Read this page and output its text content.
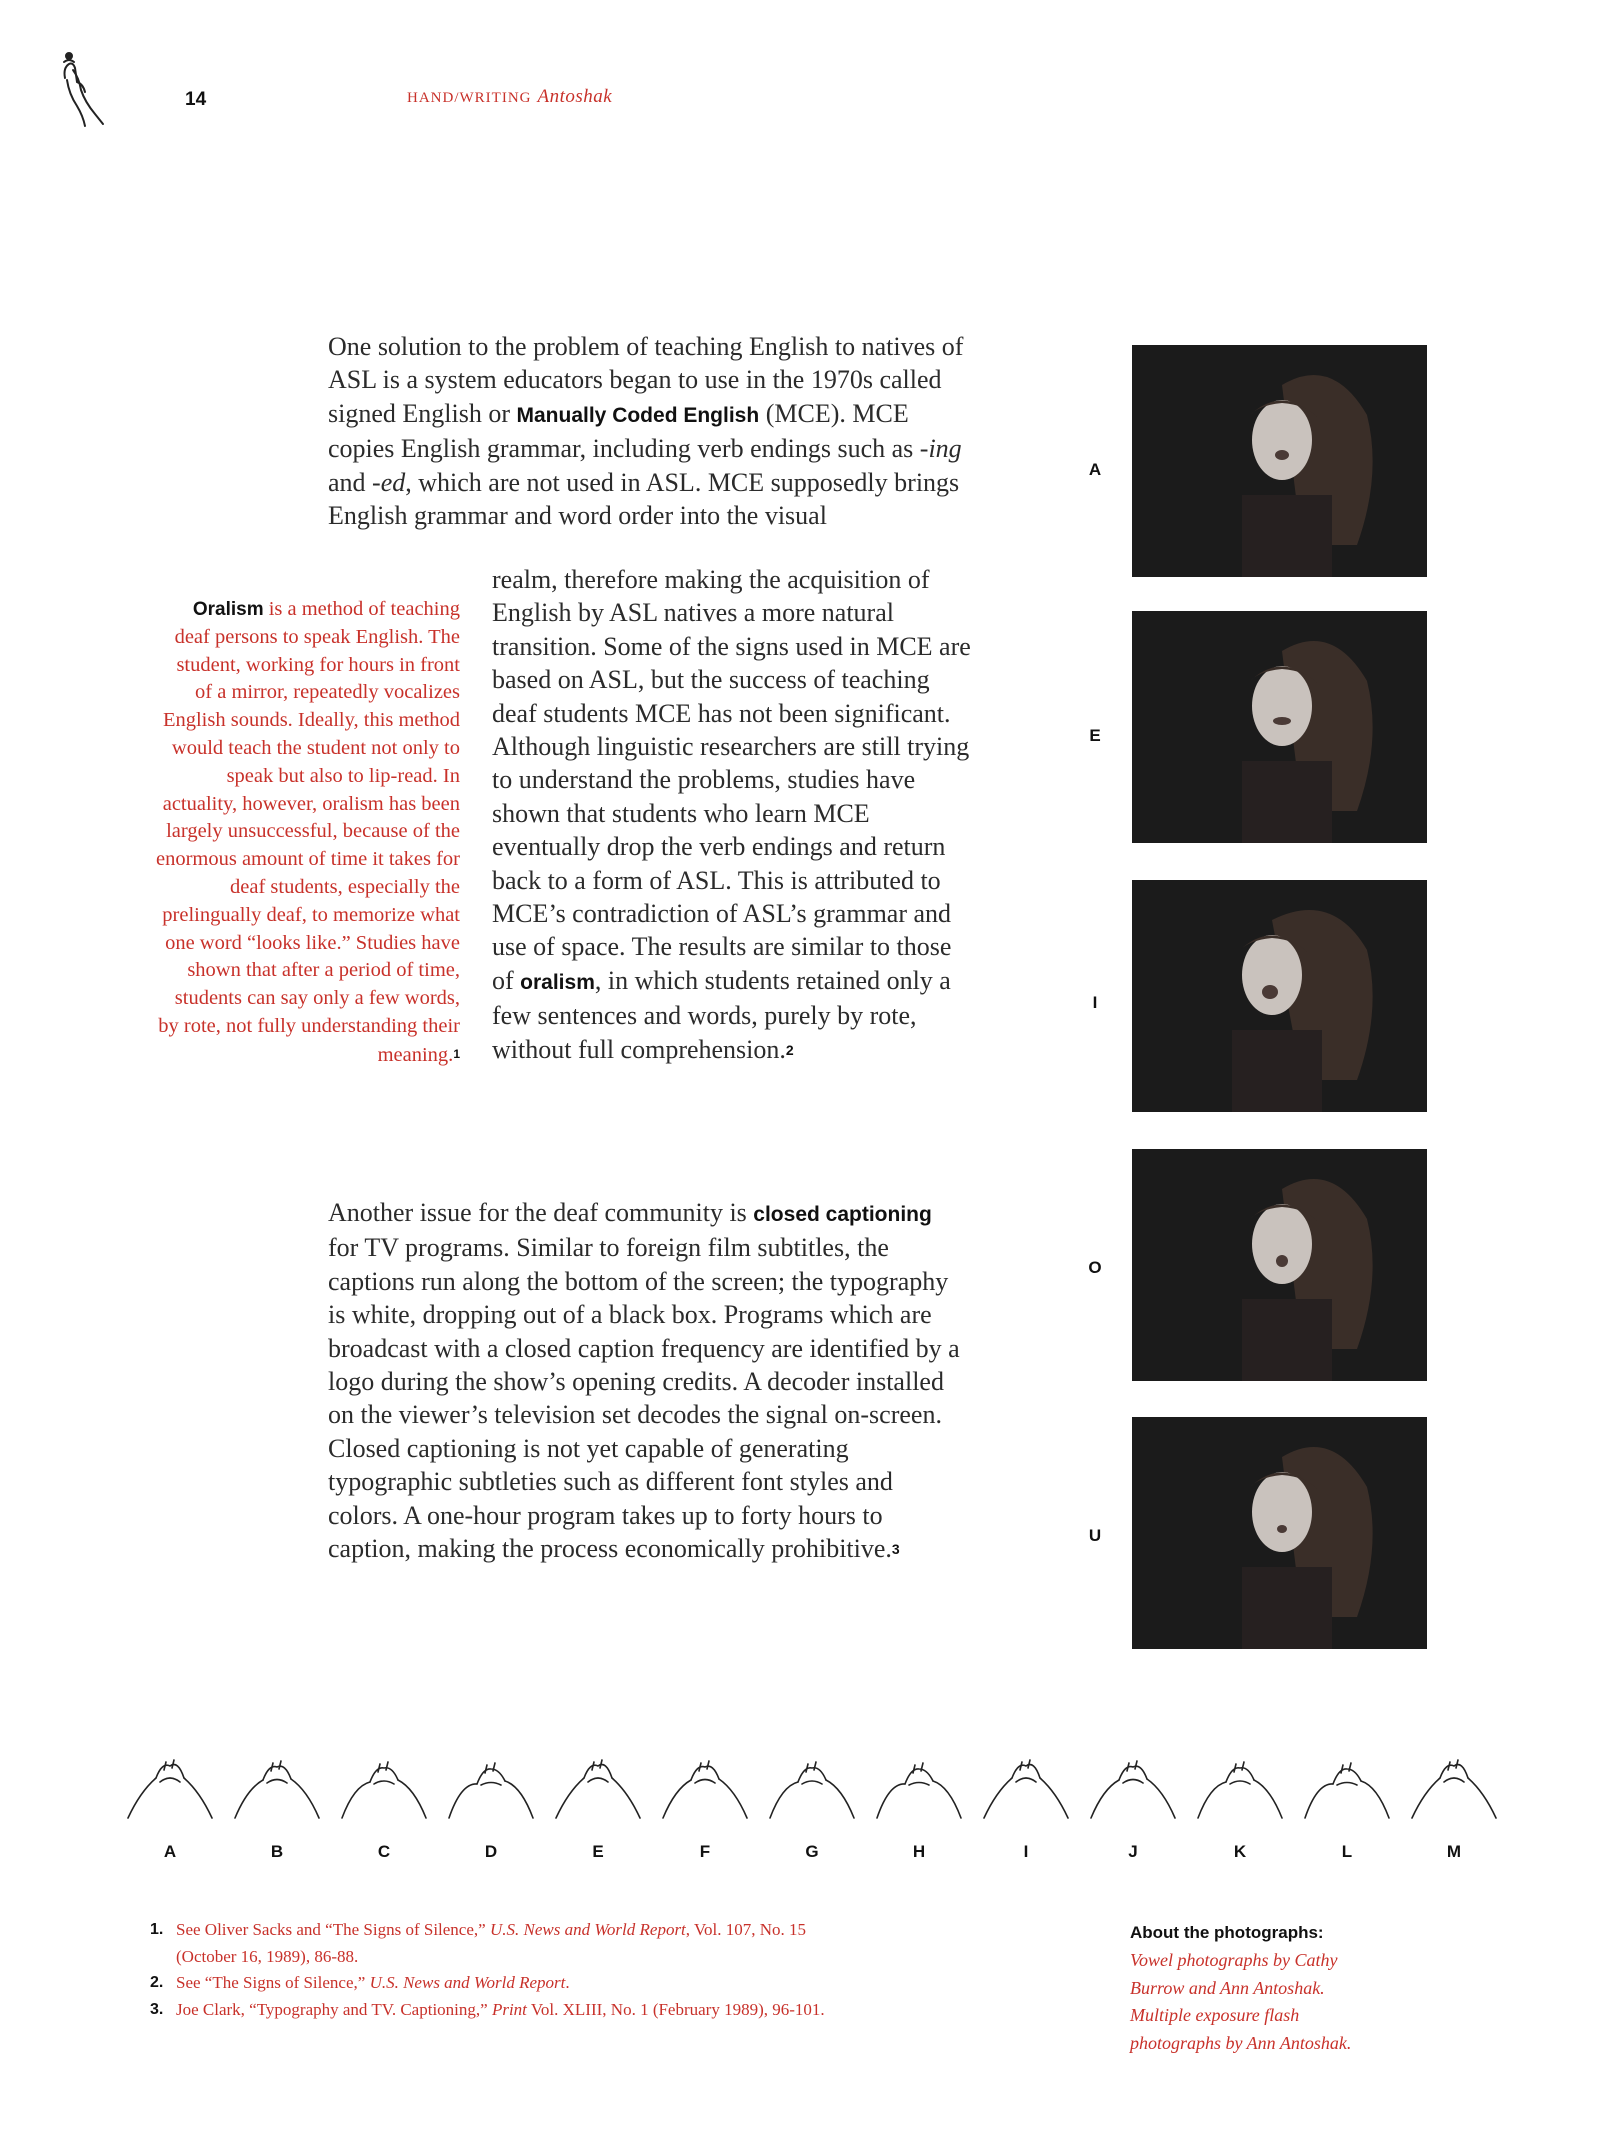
14	HAND/WRITING Antoshak
One solution to the problem of teaching English to natives of ASL is a system educators began to use in the 1970s called signed English or Manually Coded English (MCE). MCE copies English grammar, including verb endings such as -ing and -ed, which are not used in ASL. MCE supposedly brings English grammar and word order into the visual
realm, therefore making the acquisition of English by ASL natives a more natural transition. Some of the signs used in MCE are based on ASL, but the success of teaching deaf students MCE has not been significant. Although linguistic researchers are still trying to understand the problems, studies have shown that students who learn MCE eventually drop the verb endings and return back to a form of ASL. This is attributed to MCE’s contradiction of ASL’s grammar and use of space. The results are similar to those of oralism, in which students retained only a few sentences and words, purely by rote, without full comprehension.2
Oralism is a method of teaching deaf persons to speak English. The student, working for hours in front of a mirror, repeatedly vocalizes English sounds. Ideally, this method would teach the student not only to speak but also to lip-read. In actuality, however, oralism has been largely unsuccessful, because of the enormous amount of time it takes for deaf students, especially the prelingually deaf, to memorize what one word “looks like.” Studies have shown that after a period of time, students can say only a few words, by rote, not fully understanding their meaning.1
Another issue for the deaf community is closed captioning for TV programs. Similar to foreign film subtitles, the captions run along the bottom of the screen; the typography is white, dropping out of a black box. Programs which are broadcast with a closed caption frequency are identified by a logo during the show’s opening credits. A decoder installed on the viewer’s television set decodes the signal on-screen. Closed captioning is not yet capable of generating typographic subtleties such as different font styles and colors. A one-hour program takes up to forty hours to caption, making the process economically prohibitive.3
A
E
I
O
U
A	B	C	D	E	F	G	H	I	J	K	L	M
1. See Oliver Sacks and “The Signs of Silence,” U.S. News and World Report, Vol. 107, No. 15 (October 16, 1989), 86-88.
2. See “The Signs of Silence,” U.S. News and World Report.
3. Joe Clark, “Typography and TV. Captioning,” Print Vol. XLIII, No. 1 (February 1989), 96-101.
About the photographs:
Vowel photographs by Cathy
Burrow and Ann Antoshak.
Multiple exposure flash
photographs by Ann Antoshak.
